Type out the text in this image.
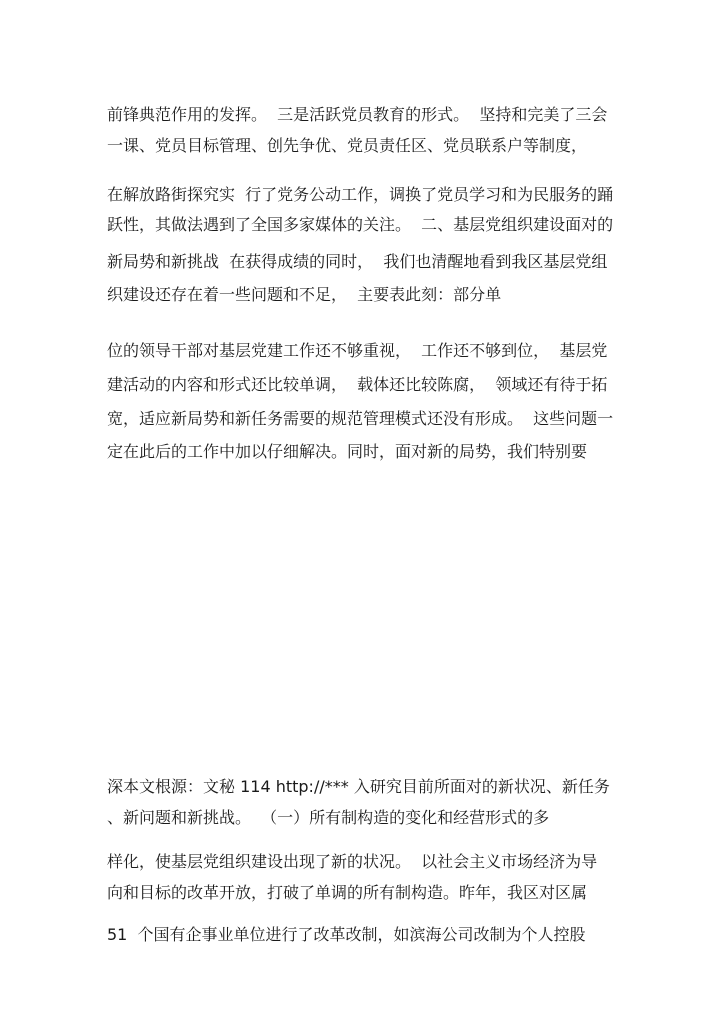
前锋典范作用的发挥。  三是活跃党员教育的形式。  坚持和完美了三会
一课、党员目标管理、创先争优、党员责任区、党员联系户等制度，
在解放路街探究实  行了党务公动工作，调换了党员学习和为民服务的踊
跃性，其做法遇到了全国多家媒体的关注。  二、基层党组织建设面对的
新局势和新挑战  在获得成绩的同时，  我们也清醒地看到我区基层党组
织建设还存在着一些问题和不足，  主要表此刻：部分单
位的领导干部对基层党建工作还不够重视，  工作还不够到位，  基层党
建活动的内容和形式还比较单调，  载体还比较陈腐，  领域还有待于拓
宽，适应新局势和新任务需要的规范管理模式还没有形成。  这些问题一
定在此后的工作中加以仔细解决。同时，面对新的局势，我们特别要
深本文根源：文秘 114 http://*** 入研究目前所面对的新状况、新任务
、新问题和新挑战。  （一）所有制构造的变化和经营形式的多
样化，使基层党组织建设出现了新的状况。  以社会主义市场经济为导
向和目标的改革开放，打破了单调的所有制构造。昨年，我区对区属
51  个国有企事业单位进行了改革改制，如滨海公司改制为个人控股
